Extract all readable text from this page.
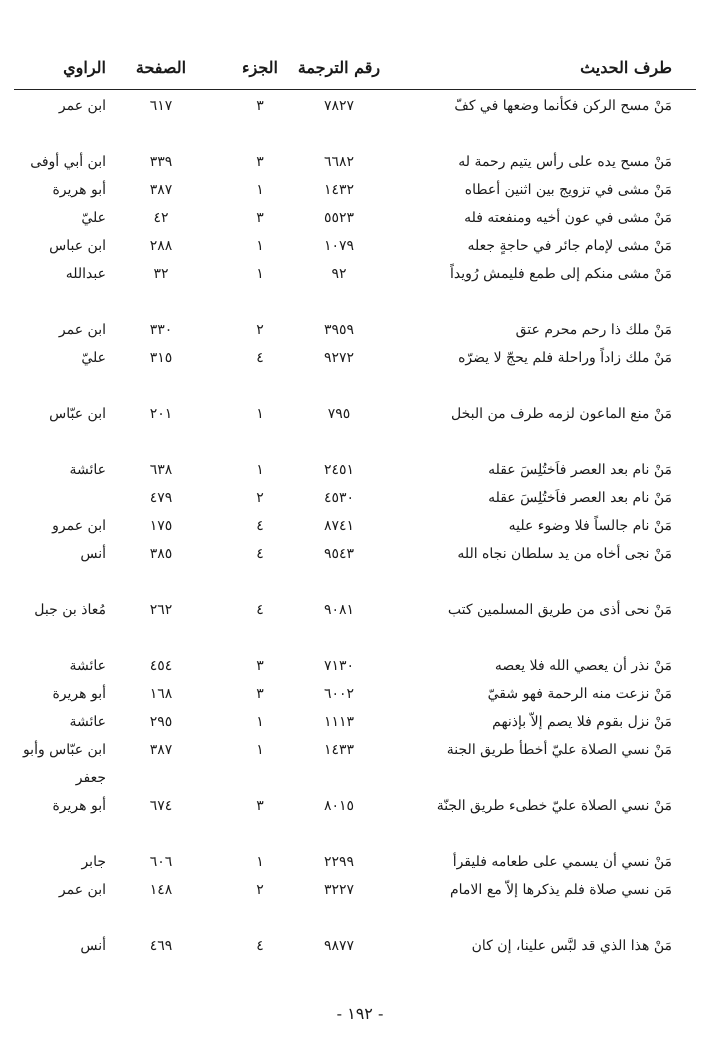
طرف الحديث
رقم الترجمة
الجزء
الصفحة
الراوي
مَنْ مسح الركن فكأنما وضعها في كفّ
٧٨٢٧
٣
٦١٧
ابن عمر
مَنْ مسح يده على رأس يتيم رحمة له
٦٦٨٢
٣
٣٣٩
ابن أبي أوفى
مَنْ مشى في تزويج بين اثنين أعطاه
١٤٣٢
١
٣٨٧
أبو هريرة
مَنْ مشى في عون أخيه ومنفعته فله
٥٥٢٣
٣
٤٢
عليّ
مَنْ مشى لإمام جائر في حاجةٍ جعله
١٠٧٩
١
٢٨٨
ابن عباس
مَنْ مشى منكم إلى طمع فليمش رُويداً
٩٢
١
٣٢
عبدالله
مَنْ ملك ذا رحم محرم عتق
٣٩٥٩
٢
٣٣٠
ابن عمر
مَنْ ملك زاداً وراحلة فلم يحجّ لا يضرّه
٩٢٧٢
٤
٣١٥
عليّ
مَنْ منع الماعون لزمه طرف من البخل
٧٩٥
١
٢٠١
ابن عبّاس
مَنْ نام بعد العصر فاَختُلِسَ عقله
٢٤٥١
١
٦٣٨
عائشة
مَنْ نام بعد العصر فاَختُلِسَ عقله
٤٥٣٠
٢
٤٧٩
مَنْ نام جالساً فلا وضوء عليه
٨٧٤١
٤
١٧٥
ابن عمرو
مَنْ نجى أخاه من يد سلطان نجاه الله
٩٥٤٣
٤
٣٨٥
أنس
مَنْ نحى أذى من طريق المسلمين كتب
٩٠٨١
٤
٢٦٢
مُعاذ بن جبل
مَنْ نذر أن يعصي الله فلا يعصه
٧١٣٠
٣
٤٥٤
عائشة
مَنْ نزعت منه الرحمة فهو شقيّ
٦٠٠٢
٣
١٦٨
أبو هريرة
مَنْ نزل بقوم فلا يصم إلاّ بإذنهم
١١١٣
١
٢٩٥
عائشة
مَنْ نسي الصلاة عليّ أخطأ طريق الجنة
١٤٣٣
١
٣٨٧
ابن عبّاس وأبو جعفر
مَنْ نسي الصلاة عليّ خطىء طريق الجنّة
٨٠١٥
٣
٦٧٤
أبو هريرة
مَنْ نسي أن يسمي على طعامه فليقرأ
٢٢٩٩
١
٦٠٦
جابر
مَن نسي صلاة فلم يذكرها إلاّ مع الامام
٣٢٢٧
٢
١٤٨
ابن عمر
مَنْ هذا الذي قد لبَّس علينا، إن كان
٩٨٧٧
٤
٤٦٩
أنس
- ١٩٢ -
